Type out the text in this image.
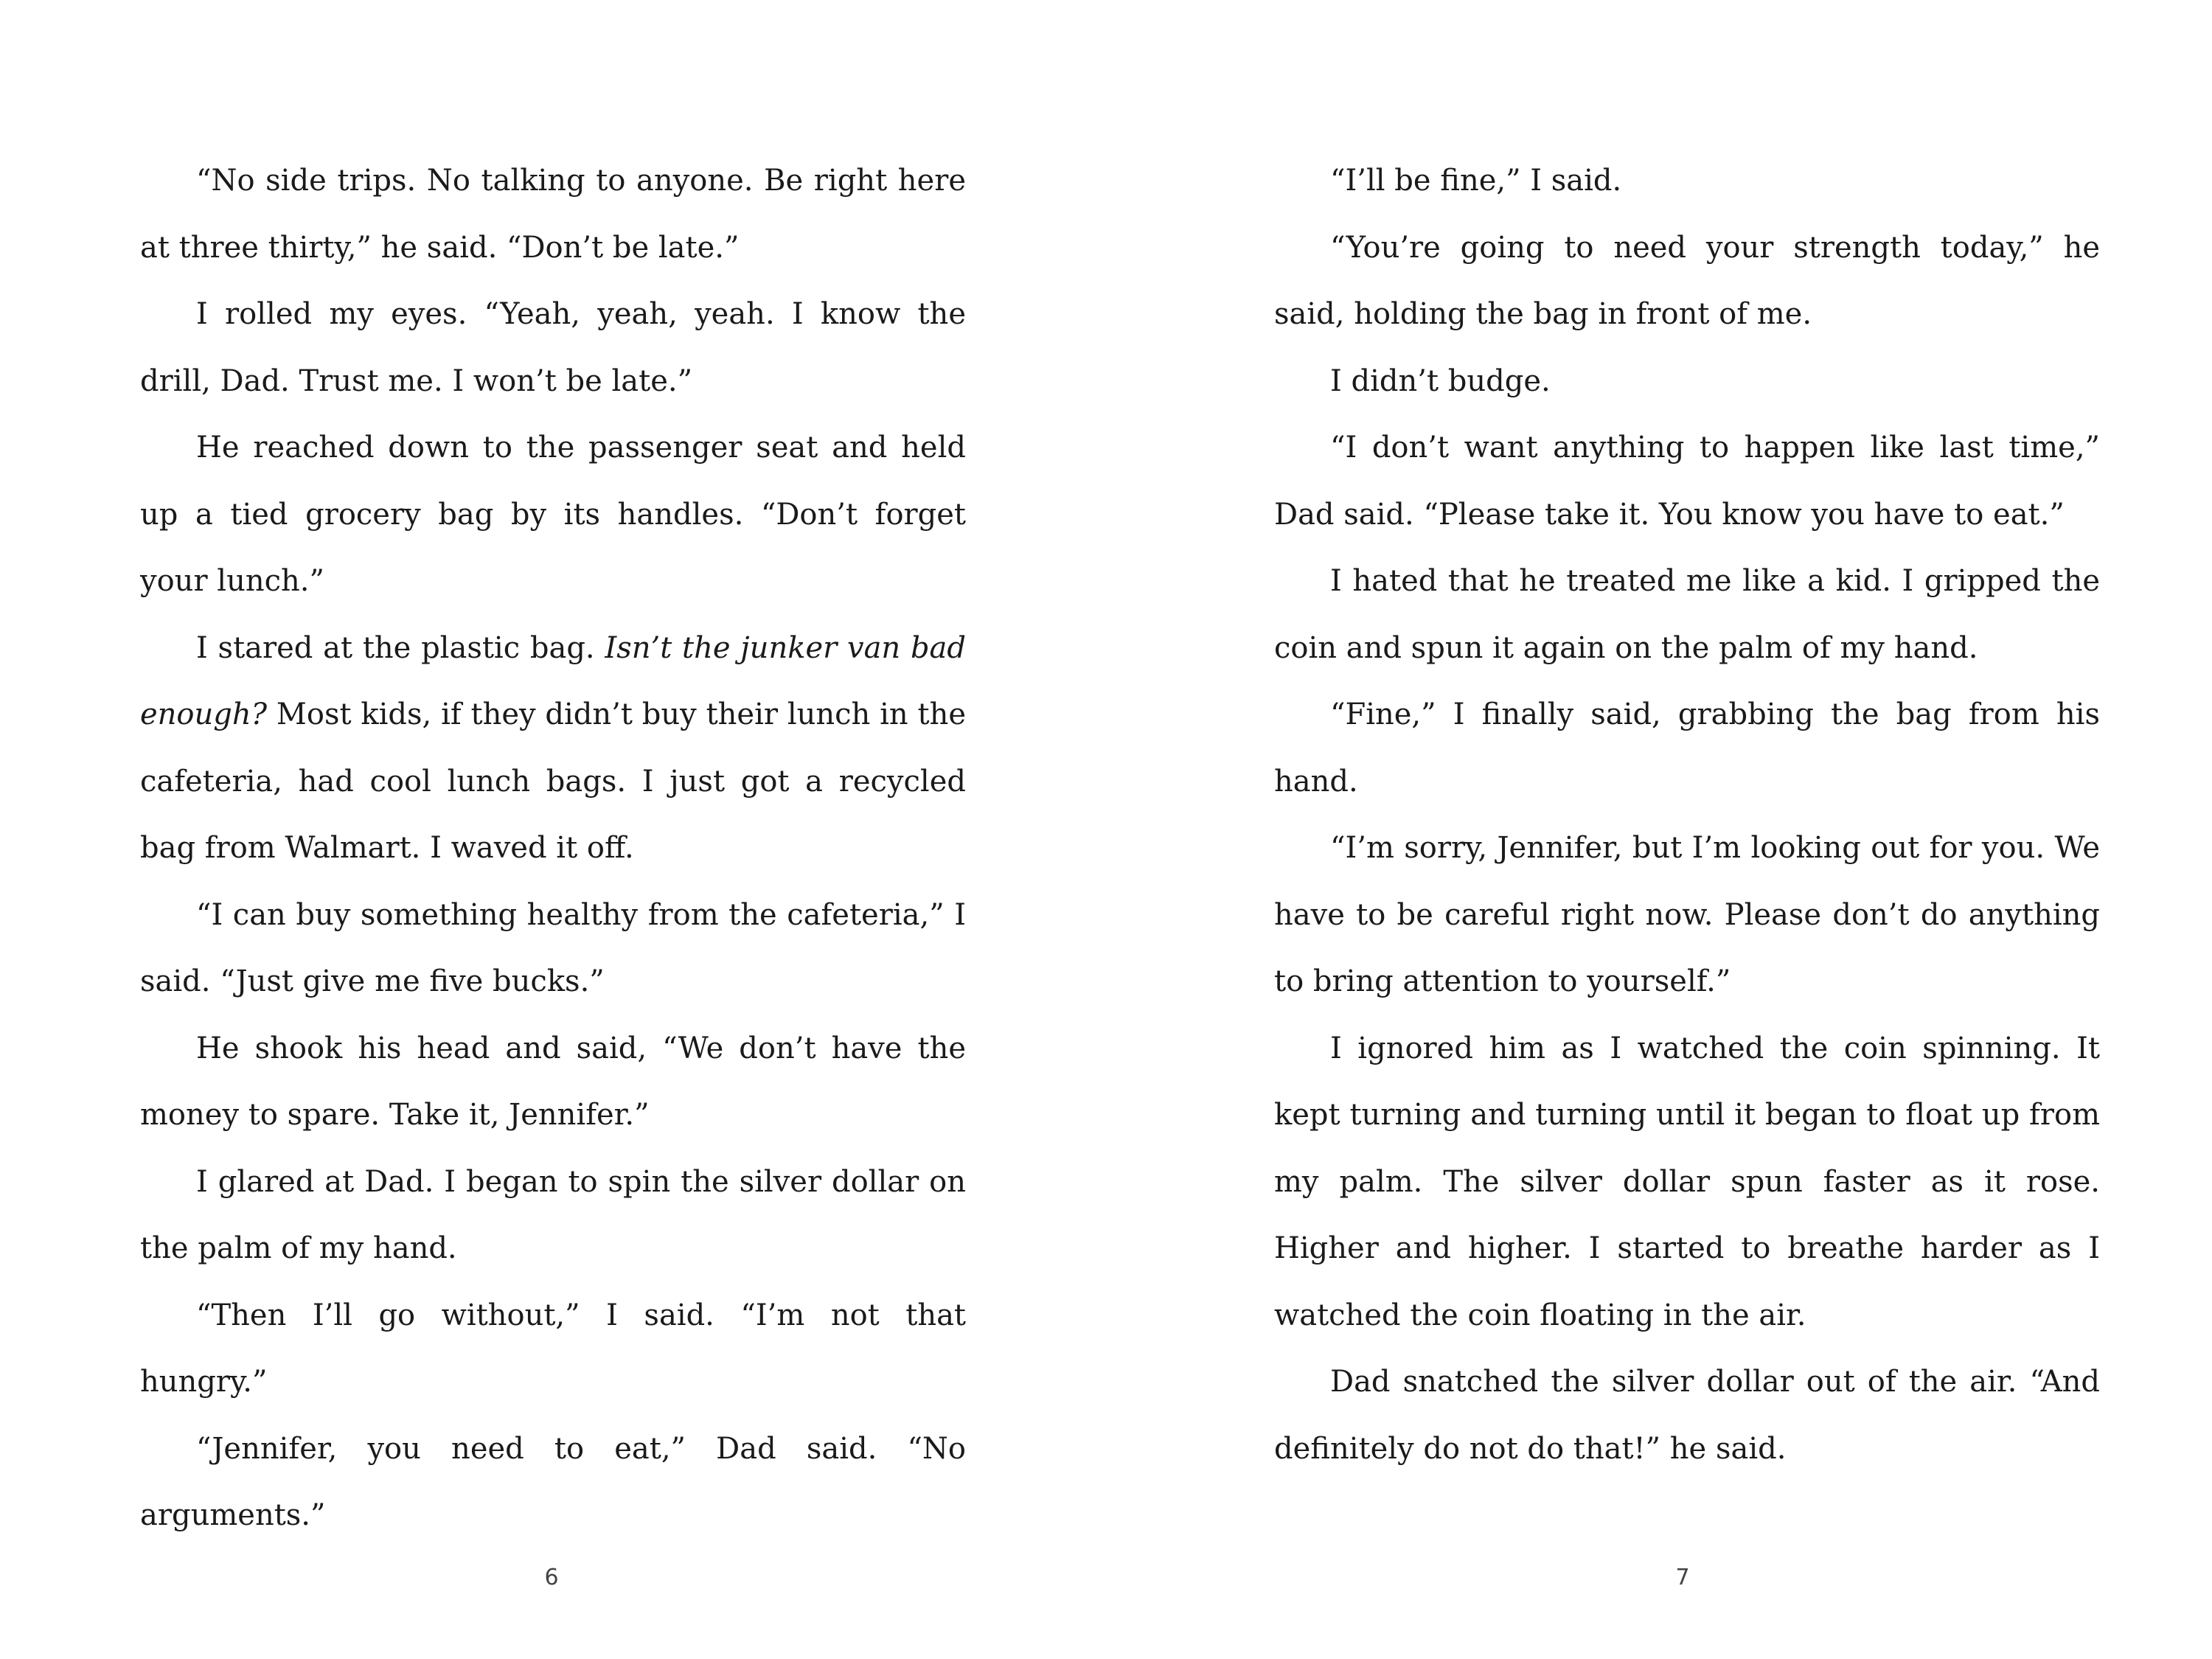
“No side trips. No talking to anyone. Be right here at three thirty,” he said. “Don’t be late.”

I rolled my eyes. “Yeah, yeah, yeah. I know the drill, Dad. Trust me. I won’t be late.”

He reached down to the passenger seat and held up a tied grocery bag by its handles. “Don’t forget your lunch.”

I stared at the plastic bag. Isn’t the junker van bad enough? Most kids, if they didn’t buy their lunch in the cafeteria, had cool lunch bags. I just got a recycled bag from Walmart. I waved it off.

“I can buy something healthy from the cafeteria,” I said. “Just give me five bucks.”

He shook his head and said, “We don’t have the money to spare. Take it, Jennifer.”

I glared at Dad. I began to spin the silver dollar on the palm of my hand.

“Then I’ll go without,” I said. “I’m not that hungry.”

“Jennifer, you need to eat,” Dad said. “No arguments.”

6

“I’ll be fine,” I said.

“You’re going to need your strength today,” he said, holding the bag in front of me.

I didn’t budge.

“I don’t want anything to happen like last time,” Dad said. “Please take it. You know you have to eat.”

I hated that he treated me like a kid. I gripped the coin and spun it again on the palm of my hand.

“Fine,” I finally said, grabbing the bag from his hand.

“I’m sorry, Jennifer, but I’m looking out for you. We have to be careful right now. Please don’t do anything to bring attention to yourself.”

I ignored him as I watched the coin spinning. It kept turning and turning until it began to float up from my palm. The silver dollar spun faster as it rose. Higher and higher. I started to breathe harder as I watched the coin floating in the air.

Dad snatched the silver dollar out of the air. “And definitely do not do that!” he said.

7
